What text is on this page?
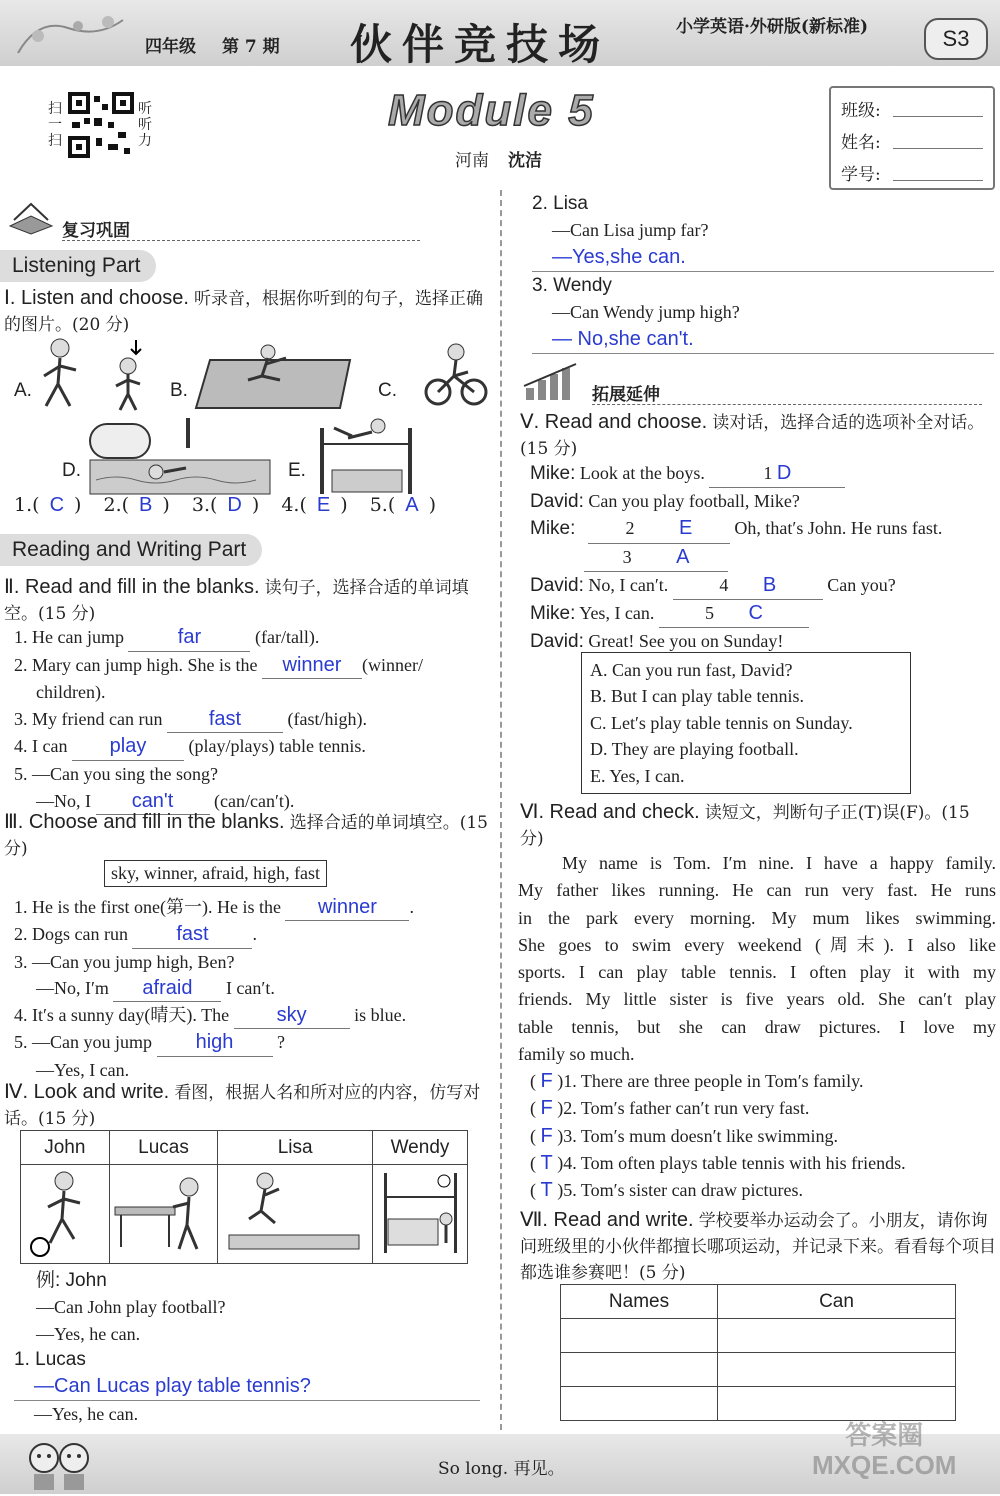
四年级 第 7 期 伙伴竞技场	小学英语·外研版(新标准)	S3
扫一扫
听听力
Module 5
河南 沈洁
班级:
姓名:
学号:
复习巩固
Listening Part
Ⅰ. Listen and choose. 听录音，根据你听到的句子，选择正确的图片。(20 分)
A.	B.	C.
D.	E.
1.( C ) 2.( B ) 3.( D ) 4.( E ) 5.( A )
Reading and Writing Part
Ⅱ. Read and fill in the blanks. 读句子，选择合适的单词填空。(15 分)
1. He can jump	far	(far/tall).
2. Mary can jump high. She is the winner (winner/
children).
3. My friend can run fast	(fast/high).
4. I can play (play/plays) table tennis.
5. —Can you sing the song?
—No, I can't (can/can′t).
Ⅲ. Choose and fill in the blanks. 选择合适的单词填空。(15 分)
sky, winner, afraid, high, fast
1. He is the first one(第一). He is the winner .
2. Dogs can run fast .
3. —Can you jump high, Ben?
—No, I′m afraid I can′t.
4. It′s a sunny day(晴天). The sky	is blue.
5. —Can you jump high ?
—Yes, I can.
Ⅳ. Look and write. 看图，根据人名和所对应的内容，仿写对话。(15 分)
John	Lucas	Lisa	Wendy

例: John
—Can John play football?
—Yes, he can.
1. Lucas
—Can Lucas play table tennis?
—Yes, he can.
2. Lisa
—Can Lisa jump far?
—Yes,she can.
3. Wendy
—Can Wendy jump high?
— No,she can't.
拓展延伸
Ⅴ. Read and choose. 读对话，选择合适的选项补全对话。(15 分)
Mike: Look at the boys.	1 D
David: Can you play football, Mike?
Mike:	2 E Oh, that′s John. He runs fast.
3 A
David: No, I can′t.	4 B	Can you?
Mike: Yes, I can.	5 C
David: Great! See you on Sunday!
A. Can you run fast, David?
B. But I can play table tennis.
C. Let′s play table tennis on Sunday.
D. They are playing football.
E. Yes, I can.
Ⅵ. Read and check. 读短文，判断句子正(T)误(F)。(15 分)
My name is Tom. I′m nine. I have a happy family.
My father likes running. He can run very fast. He runs
in the park every morning. My mum likes swimming.
She goes to swim every weekend (周末). I also like
sports. I can play table tennis. I often play it with my
friends. My little sister is five years old. She can′t play
table tennis, but she can draw pictures. I love my
family so much.
( F )1. There are three people in Tom′s family.
( F )2. Tom′s father can′t run very fast.
( F )3. Tom′s mum doesn′t like swimming.
( T )4. Tom often plays table tennis with his friends.
( T )5. Tom′s sister can draw pictures.
Ⅶ. Read and write. 学校要举办运动会了。小朋友，请你询问班级里的小伙伴都擅长哪项运动，并记录下来。看看每个项目都选谁参赛吧！(5 分)
Names	Can

So long. 再见。
答案圈
MXQE.COM
